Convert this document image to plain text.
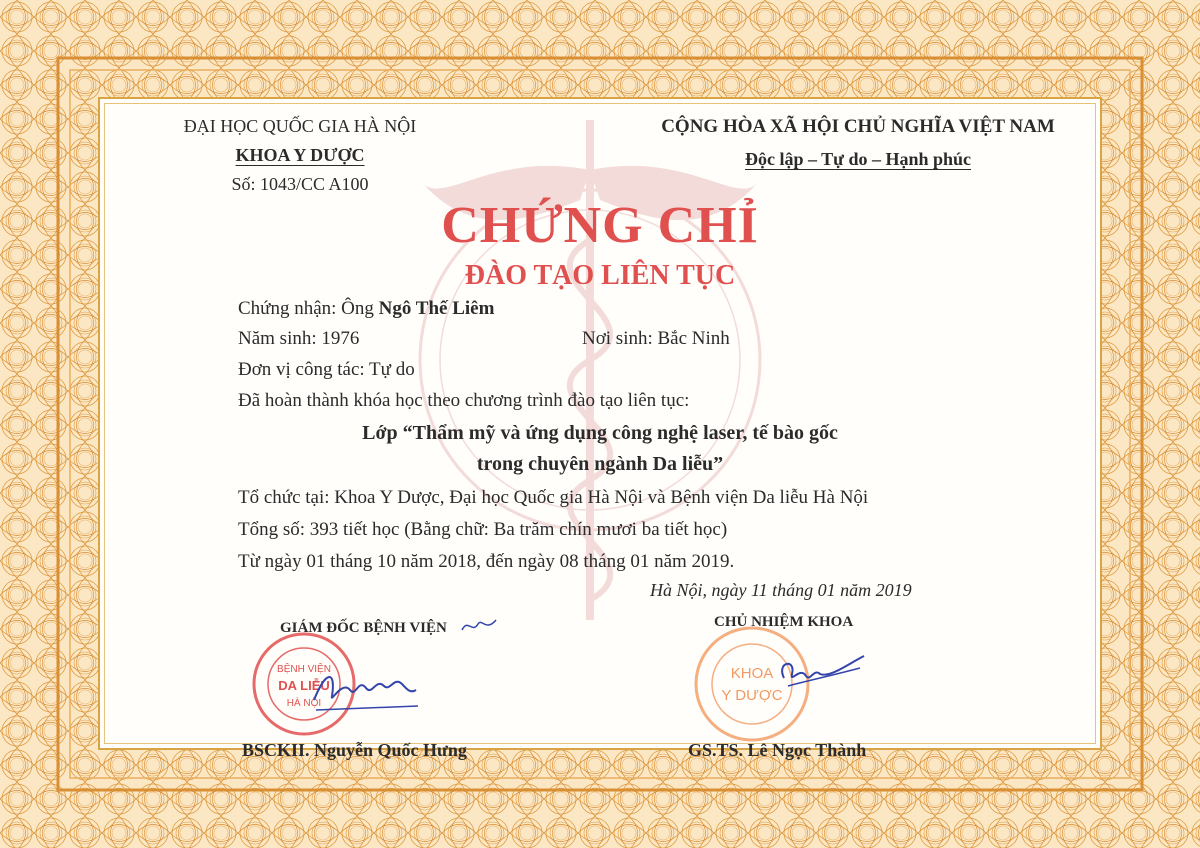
ĐẠI HỌC QUỐC GIA HÀ NỘI
KHOA Y DƯỢC
Số: 1043/CC A100
CỘNG HÒA XÃ HỘI CHỦ NGHĨA VIỆT NAM
Độc lập – Tự do – Hạnh phúc
CHỨNG CHỈ
ĐÀO TẠO LIÊN TỤC
Chứng nhận: Ông Ngô Thế Liêm
Năm sinh: 1976	Nơi sinh: Bắc Ninh
Đơn vị công tác: Tự do
Đã hoàn thành khóa học theo chương trình đào tạo liên tục:
Lớp “Thẩm mỹ và ứng dụng công nghệ laser, tế bào gốc
trong chuyên ngành Da liễu”
Tổ chức tại: Khoa Y Dược, Đại học Quốc gia Hà Nội và Bệnh viện Da liễu Hà Nội
Tổng số: 393 tiết học (Bằng chữ: Ba trăm chín mươi ba tiết học)
Từ ngày 01 tháng 10 năm 2018, đến ngày 08 tháng 01 năm 2019.
Hà Nội, ngày 11 tháng 01 năm 2019
GIÁM ĐỐC BỆNH VIỆN	CHỦ NHIỆM KHOA
BỆNH VIỆN
DA LIỄU
HÀ NỘI
KHOA
Y DƯỢC
BSCKII. Nguyễn Quốc Hưng	GS.TS. Lê Ngọc Thành
